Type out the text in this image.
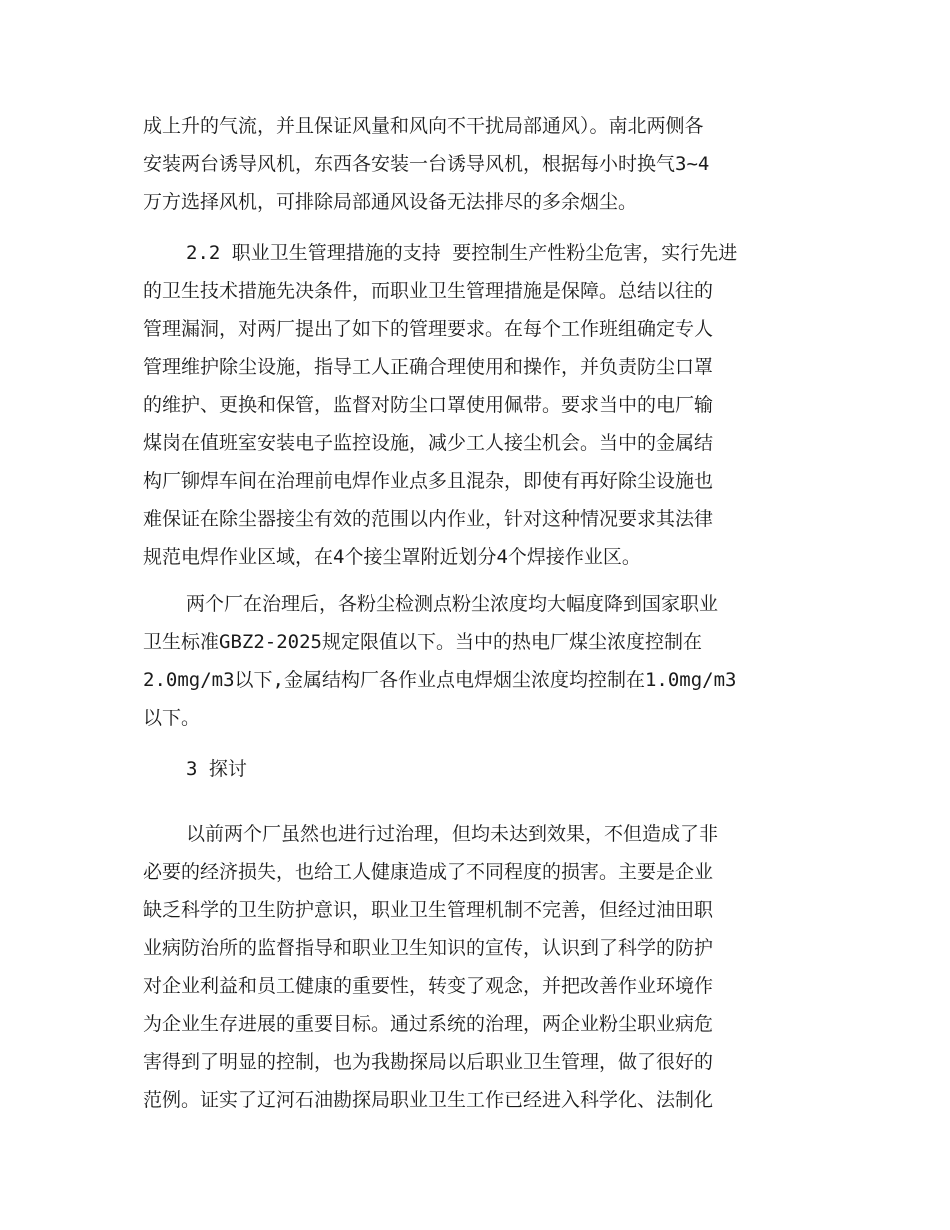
成上升的气流，并且保证风量和风向不干扰局部通风）。南北两侧各
安装两台诱导风机，东西各安装一台诱导风机，根据每小时换气3~4
万方选择风机，可排除局部通风设备无法排尽的多余烟尘。
2.2 职业卫生管理措施的支持 要控制生产性粉尘危害，实行先进
的卫生技术措施先决条件，而职业卫生管理措施是保障。总结以往的
管理漏洞，对两厂提出了如下的管理要求。在每个工作班组确定专人
管理维护除尘设施，指导工人正确合理使用和操作，并负责防尘口罩
的维护、更换和保管，监督对防尘口罩使用佩带。要求当中的电厂输
煤岗在值班室安装电子监控设施，减少工人接尘机会。当中的金属结
构厂铆焊车间在治理前电焊作业点多且混杂，即使有再好除尘设施也
难保证在除尘器接尘有效的范围以内作业，针对这种情况要求其法律
规范电焊作业区域，在4个接尘罩附近划分4个焊接作业区。
两个厂在治理后，各粉尘检测点粉尘浓度均大幅度降到国家职业
卫生标准GBZ2-2025规定限值以下。当中的热电厂煤尘浓度控制在
2.0mg/m3以下,金属结构厂各作业点电焊烟尘浓度均控制在1.0mg/m3
以下。
3 探讨
以前两个厂虽然也进行过治理，但均未达到效果，不但造成了非
必要的经济损失，也给工人健康造成了不同程度的损害。主要是企业
缺乏科学的卫生防护意识，职业卫生管理机制不完善，但经过油田职
业病防治所的监督指导和职业卫生知识的宣传，认识到了科学的防护
对企业利益和员工健康的重要性，转变了观念，并把改善作业环境作
为企业生存进展的重要目标。通过系统的治理，两企业粉尘职业病危
害得到了明显的控制，也为我勘探局以后职业卫生管理，做了很好的
范例。证实了辽河石油勘探局职业卫生工作已经进入科学化、法制化
